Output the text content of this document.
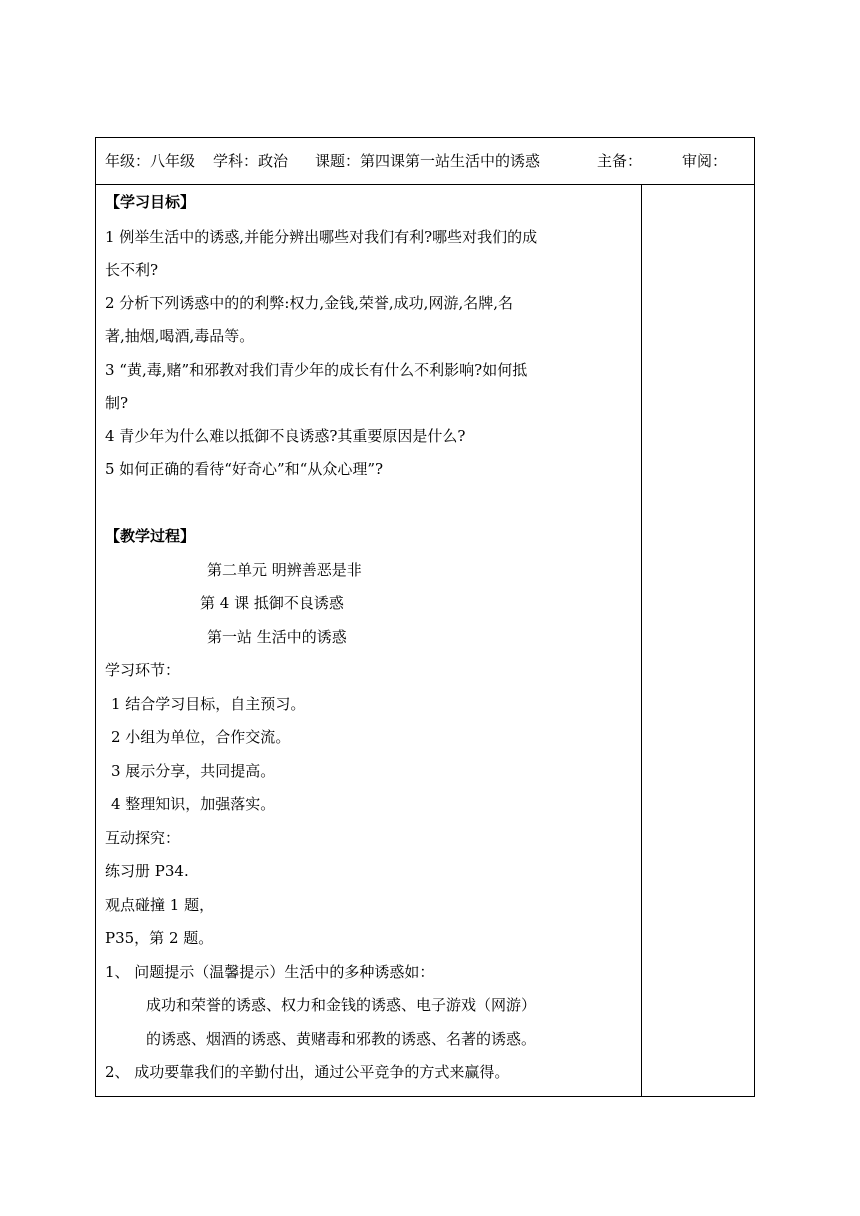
年级：八年级 学科：政治 课题：第四课第一站生活中的诱惑	主备：	审阅：
【学习目标】
1 例举生活中的诱惑,并能分辨出哪些对我们有利?哪些对我们的成
长不利?
2 分析下列诱惑中的的利弊:权力,金钱,荣誉,成功,网游,名牌,名
著,抽烟,喝酒,毒品等。
3 “黄,毒,赌”和邪教对我们青少年的成长有什么不利影响?如何抵
制?
4 青少年为什么难以抵御不良诱惑?其重要原因是什么?
5 如何正确的看待“好奇心”和“从众心理”?
【教学过程】
第二单元 明辨善恶是非
第 4 课 抵御不良诱惑
第一站 生活中的诱惑
学习环节：
1 结合学习目标，自主预习。
2 小组为单位，合作交流。
3 展示分享，共同提高。
4 整理知识，加强落实。
互动探究：
练习册 P34.
观点碰撞 1 题，
P35，第 2 题。
1、 问题提示（温馨提示）生活中的多种诱惑如：
成功和荣誉的诱惑、权力和金钱的诱惑、电子游戏（网游）
的诱惑、烟酒的诱惑、黄赌毒和邪教的诱惑、名著的诱惑。
2、 成功要靠我们的辛勤付出，通过公平竞争的方式来赢得。
